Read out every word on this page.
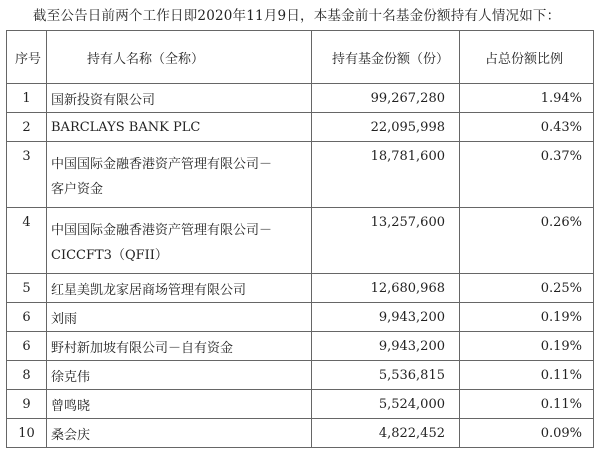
截至公告日前两个工作日即2020年11月9日，本基金前十名基金份额持有人情况如下：
序号	持有人名称（全称）	持有基金份额（份）	占总份额比例
1	国新投资有限公司	99,267,280	1.94%
2	BARCLAYS BANK PLC	22,095,998	0.43%
3	中国国际金融香港资产管理有限公司－
客户资金	18,781,600	0.37%
4	中国国际金融香港资产管理有限公司－
CICCFT3（QFII）	13,257,600	0.26%
5	红星美凯龙家居商场管理有限公司	12,680,968	0.25%
6	刘雨	9,943,200	0.19%
6	野村新加坡有限公司－自有资金	9,943,200	0.19%
8	徐克伟	5,536,815	0.11%
9	曾鸣晓	5,524,000	0.11%
10	桑会庆	4,822,452	0.09%
